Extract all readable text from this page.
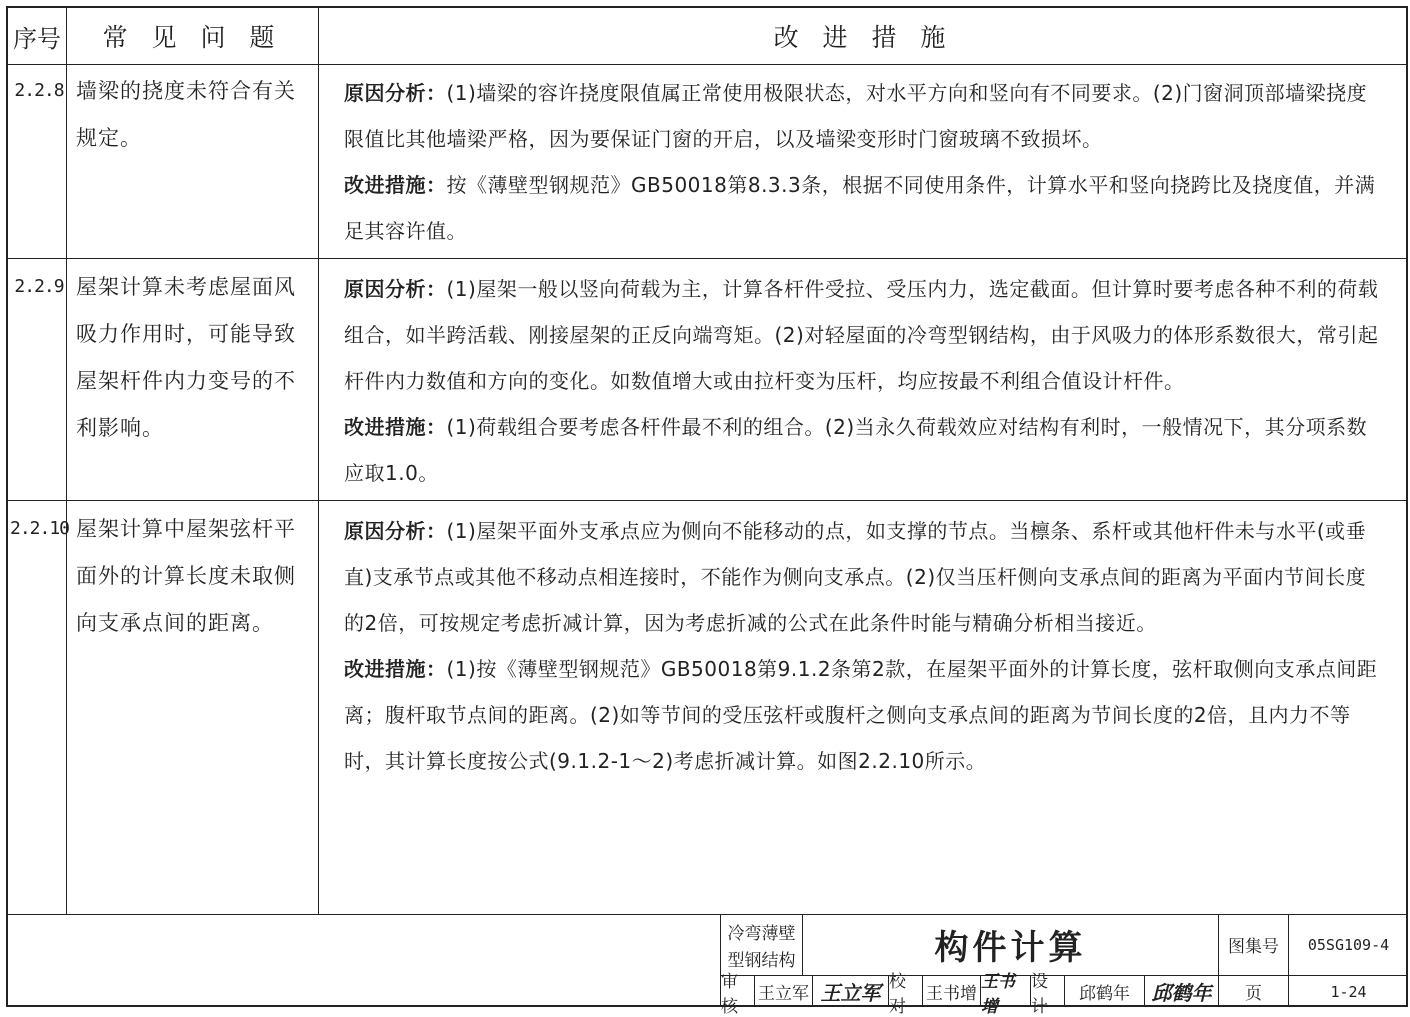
序号	常 见 问 题	改 进 措 施
2.2.8 墙梁的挠度未符合有关规定。

原因分析：(1)墙梁的容许挠度限值属正常使用极限状态，对水平方向和竖向有不同要求。(2)门窗洞顶部墙梁挠度限值比其他墙梁严格，因为要保证门窗的开启，以及墙梁变形时门窗玻璃不致损坏。

改进措施：按《薄壁型钢规范》GB50018第8.3.3条，根据不同使用条件，计算水平和竖向挠跨比及挠度值，并满足其容许值。

2.2.9 屋架计算未考虑屋面风吸力作用时，可能导致屋架杆件内力变号的不利影响。

原因分析：(1)屋架一般以竖向荷载为主，计算各杆件受拉、受压内力，选定截面。但计算时要考虑各种不利的荷载组合，如半跨活载、刚接屋架的正反向端弯矩。(2)对轻屋面的冷弯型钢结构，由于风吸力的体形系数很大，常引起杆件内力数值和方向的变化。如数值增大或由拉杆变为压杆，均应按最不利组合值设计杆件。

改进措施：(1)荷载组合要考虑各杆件最不利的组合。(2)当永久荷载效应对结构有利时，一般情况下，其分项系数应取1.0。

2.2.10 屋架计算中屋架弦杆平面外的计算长度未取侧向支承点间的距离。

原因分析：(1)屋架平面外支承点应为侧向不能移动的点，如支撑的节点。当檩条、系杆或其他杆件未与水平(或垂直)支承节点或其他不移动点相连接时，不能作为侧向支承点。(2)仅当压杆侧向支承点间的距离为平面内节间长度的2倍，可按规定考虑折减计算，因为考虑折减的公式在此条件时能与精确分析相当接近。

改进措施：(1)按《薄壁型钢规范》GB50018第9.1.2条第2款，在屋架平面外的计算长度，弦杆取侧向支承点间距离；腹杆取节点间的距离。(2)如等节间的受压弦杆或腹杆之侧向支承点间的距离为节间长度的2倍，且内力不等时，其计算长度按公式(9.1.2-1～2)考虑折减计算。如图2.2.10所示。

冷弯薄壁
型钢结构	构件计算	图集号	05SG109-4
审核
王立军 王立军 校对
王书增
王书增
设计
邱鹤年	邱鹤年	页	1-24
